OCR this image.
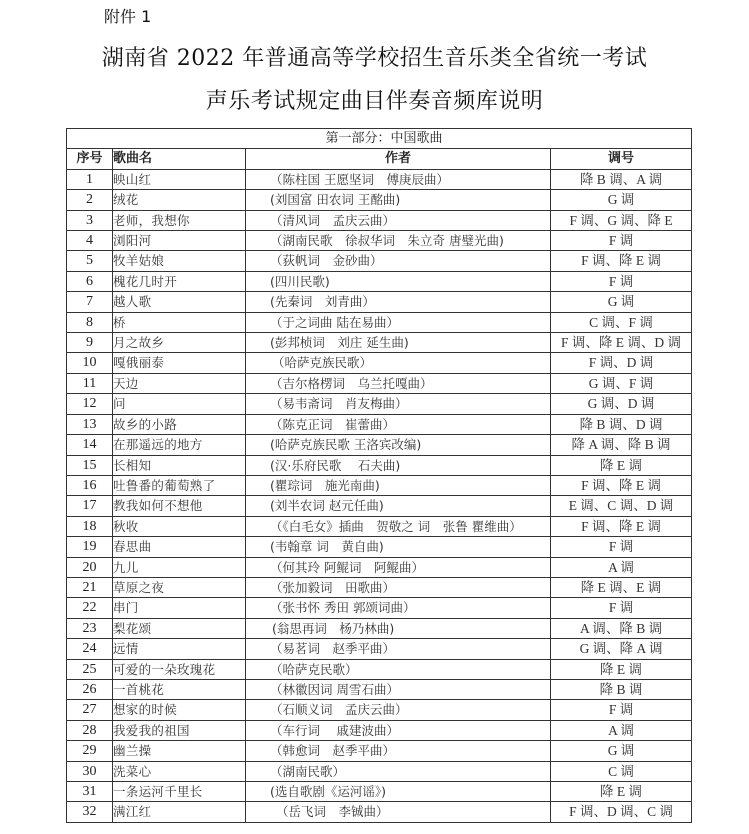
附件 1
湖南省 2022 年普通高等学校招生音乐类全省统一考试
声乐考试规定曲目伴奏音频库说明
第一部分：中国歌曲			
序号	歌曲名	作者	调号
1	映山红	（陈柱国 王愿坚词　傅庚辰曲）	降 B 调、A 调
2	绒花	(刘国富 田农词 王酩曲)	G 调
3	老师，我想你	（清风词　孟庆云曲）	F 调、G 调、降 E
4	浏阳河	（湖南民歌　徐叔华词　朱立奇 唐璧光曲)	F 调
5	牧羊姑娘	（荻帆词　金砂曲）	F 调、降 E 调
6	槐花几时开	(四川民歌)	F 调
7	越人歌	(先秦词　刘青曲）	G 调
8	桥	（于之词曲 陆在易曲）	C 调、F 调
9	月之故乡	(彭邦桢词　刘庄 延生曲)	F 调、降 E 调、D 调
10	嘎俄丽泰	（哈萨克族民歌）	F 调、D 调
11	天边	（吉尔格楞词　乌兰托嘎曲）	G 调、F 调
12	问	（易韦斋词　肖友梅曲）	G 调、D 调
13	故乡的小路	（陈克正词　崔蕾曲）	降 B 调、D 调
14	在那遥远的地方	(哈萨克族民歌 王洛宾改编)	降 A 调、降 B 调
15	长相知	(汉·乐府民歌　 石夫曲)	降 E 调
16	吐鲁番的葡萄熟了	(瞿琮词　施光南曲)	F 调、降 E 调
17	教我如何不想他	(刘半农词 赵元任曲)	E 调、C 调、D 调
18	秋收	（《白毛女》插曲　贺敬之 词　张鲁 瞿维曲）	F 调、降 E 调
19	春思曲	(韦翰章 词　黄自曲)	F 调
20	九儿	（何其玲 阿鲲词　阿鲲曲）	A 调
21	草原之夜	（张加毅词　田歌曲）	降 E 调、E 调
22	串门	（张书怀 秀田 郭颂词曲）	F 调
23	梨花颂	(翁思再词　杨乃林曲)	A 调、降 B 调
24	远情	（易茗词　赵季平曲）	G 调、降 A 调
25	可爱的一朵玫瑰花	（哈萨克民歌）	降 E 调
26	一首桃花	（林徽因词 周雪石曲）	降 B 调
27	想家的时候	（石顺义词　孟庆云曲）	F 调
28	我爱我的祖国	（车行词　 戚建波曲）	A 调
29	幽兰操	（韩愈词　赵季平曲）	G 调
30	洗菜心	（湖南民歌）	C 调
31	一条运河千里长	(选自歌剧《运河谣》)	降 E 调
32	满江红	（岳飞词　李铖曲）	F 调、D 调、C 调
